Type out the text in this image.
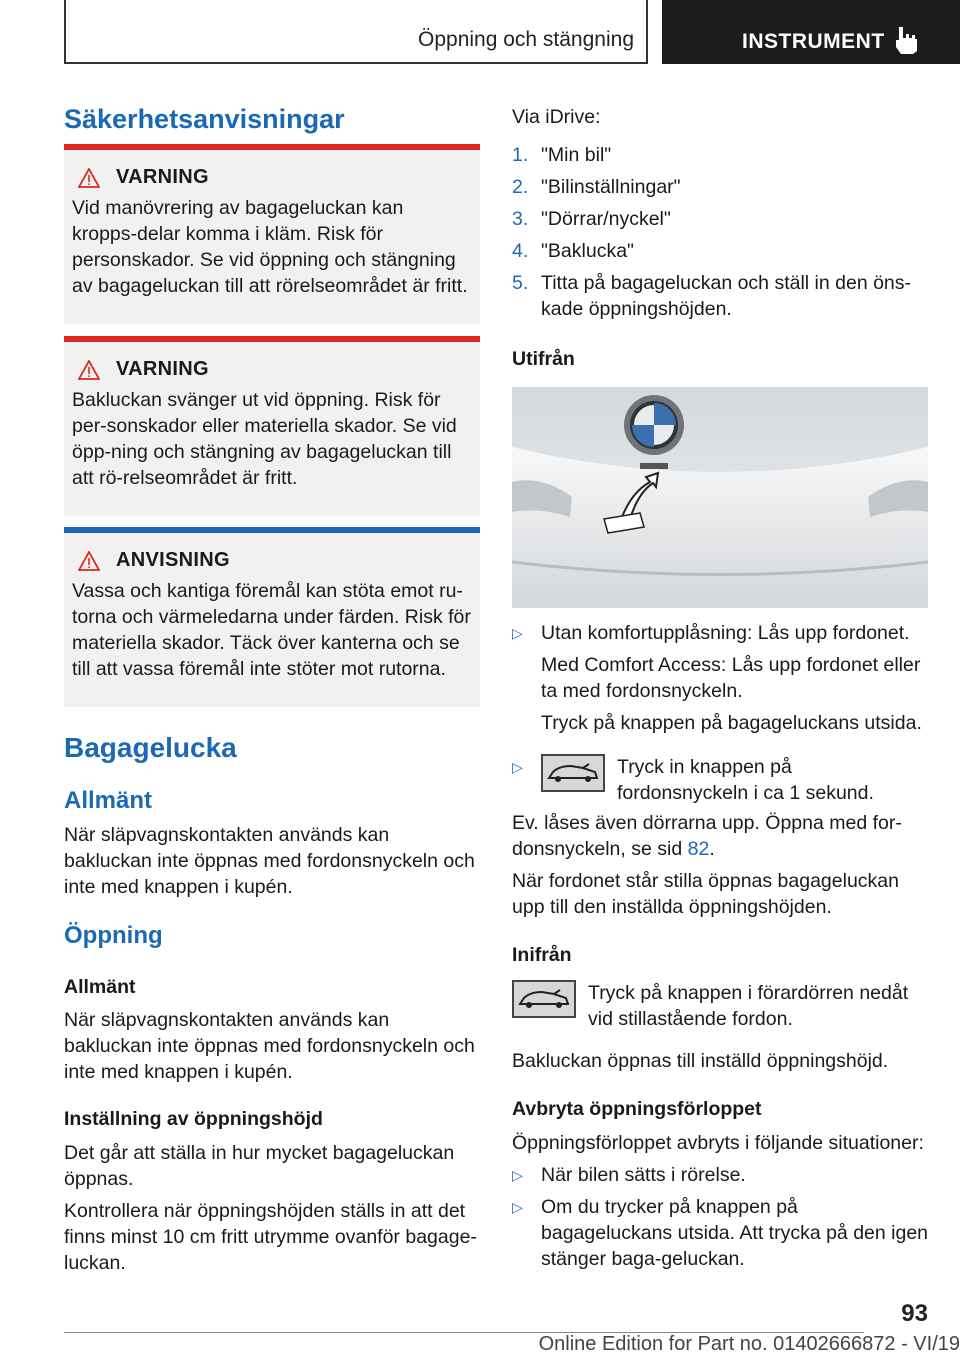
Öppning och stängning	INSTRUMENT
Säkerhetsanvisningar
VARNING
Vid manövrering av bagageluckan kan kropps-delar komma i kläm. Risk för personskador. Se vid öppning och stängning av bagageluckan till att rörelseområdet är fritt.
VARNING
Bakluckan svänger ut vid öppning. Risk för per-sonskador eller materiella skador. Se vid öpp-ning och stängning av bagageluckan till att rö-relseområdet är fritt.
ANVISNING
Vassa och kantiga föremål kan stöta emot ru-torna och värmeledarna under färden. Risk för materiella skador. Täck över kanterna och se till att vassa föremål inte stöter mot rutorna.
Bagagelucka
Allmänt
När släpvagnskontakten används kan bakluckan inte öppnas med fordonsnyckeln och inte med knappen i kupén.
Öppning
Allmänt
När släpvagnskontakten används kan bakluckan inte öppnas med fordonsnyckeln och inte med knappen i kupén.
Inställning av öppningshöjd
Det går att ställa in hur mycket bagageluckan öppnas.
Kontrollera när öppningshöjden ställs in att det finns minst 10 cm fritt utrymme ovanför bagage-luckan.
Via iDrive:
1. "Min bil"
2. "Bilinställningar"
3. "Dörrar/nyckel"
4. "Baklucka"
5. Titta på bagageluckan och ställ in den öns-kade öppningshöjden.
Utifrån
▷ Utan komfortupplåsning: Lås upp fordonet.
Med Comfort Access: Lås upp fordonet eller ta med fordonsnyckeln.
Tryck på knappen på bagageluckans utsida.
▷	Tryck in knappen på fordonsnyckeln i ca 1 sekund.
Ev. låses även dörrarna upp. Öppna med for-donsnyckeln, se sid 82.
När fordonet står stilla öppnas bagageluckan upp till den inställda öppningshöjden.
Inifrån
Tryck på knappen i förardörren nedåt vid stillastående fordon.
Bakluckan öppnas till inställd öppningshöjd.
Avbryta öppningsförloppet
Öppningsförloppet avbryts i följande situationer:
▷ När bilen sätts i rörelse.
▷ Om du trycker på knappen på bagageluckans utsida. Att trycka på den igen stänger baga-geluckan.
93
Online Edition for Part no. 01402666872 - VI/19
